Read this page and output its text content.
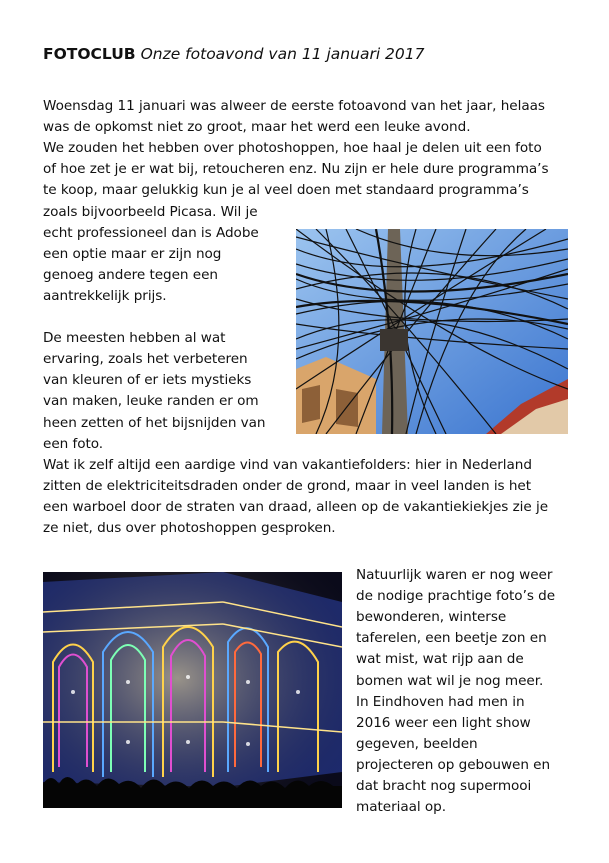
FOTOCLUB Onze fotoavond van 11 januari 2017
Woensdag 11 januari was alweer de eerste fotoavond van het jaar, helaas
was de opkomst niet zo groot, maar het werd een leuke avond.
We zouden het hebben over photoshoppen, hoe haal je delen uit een foto
of hoe zet je er wat bij, retoucheren enz. Nu zijn er hele dure programma’s
te koop, maar gelukkig kun je al veel doen met standaard programma’s
zoals bijvoorbeeld Picasa. Wil je
echt professioneel dan is Adobe
een optie maar er zijn nog
genoeg andere tegen een
aantrekkelijk prijs.
De meesten hebben al wat
ervaring, zoals het verbeteren
van kleuren of er iets mystieks
van maken, leuke randen er om
heen zetten of het bijsnijden van
een foto.
Wat ik zelf altijd een aardige vind van vakantiefolders: hier in Nederland
zitten de elektriciteitsdraden onder de grond, maar in veel landen is het
een warboel door de straten van draad, alleen op de vakantiekiekjes zie je
ze niet, dus over photoshoppen gesproken.
Natuurlijk waren er nog weer
de nodige prachtige foto’s de
bewonderen, winterse
taferelen, een beetje zon en
wat mist, wat rijp aan de
bomen wat wil je nog meer.
In Eindhoven had men in
2016 weer een light show
gegeven, beelden
projecteren op gebouwen en
dat bracht nog supermooi
materiaal op.
